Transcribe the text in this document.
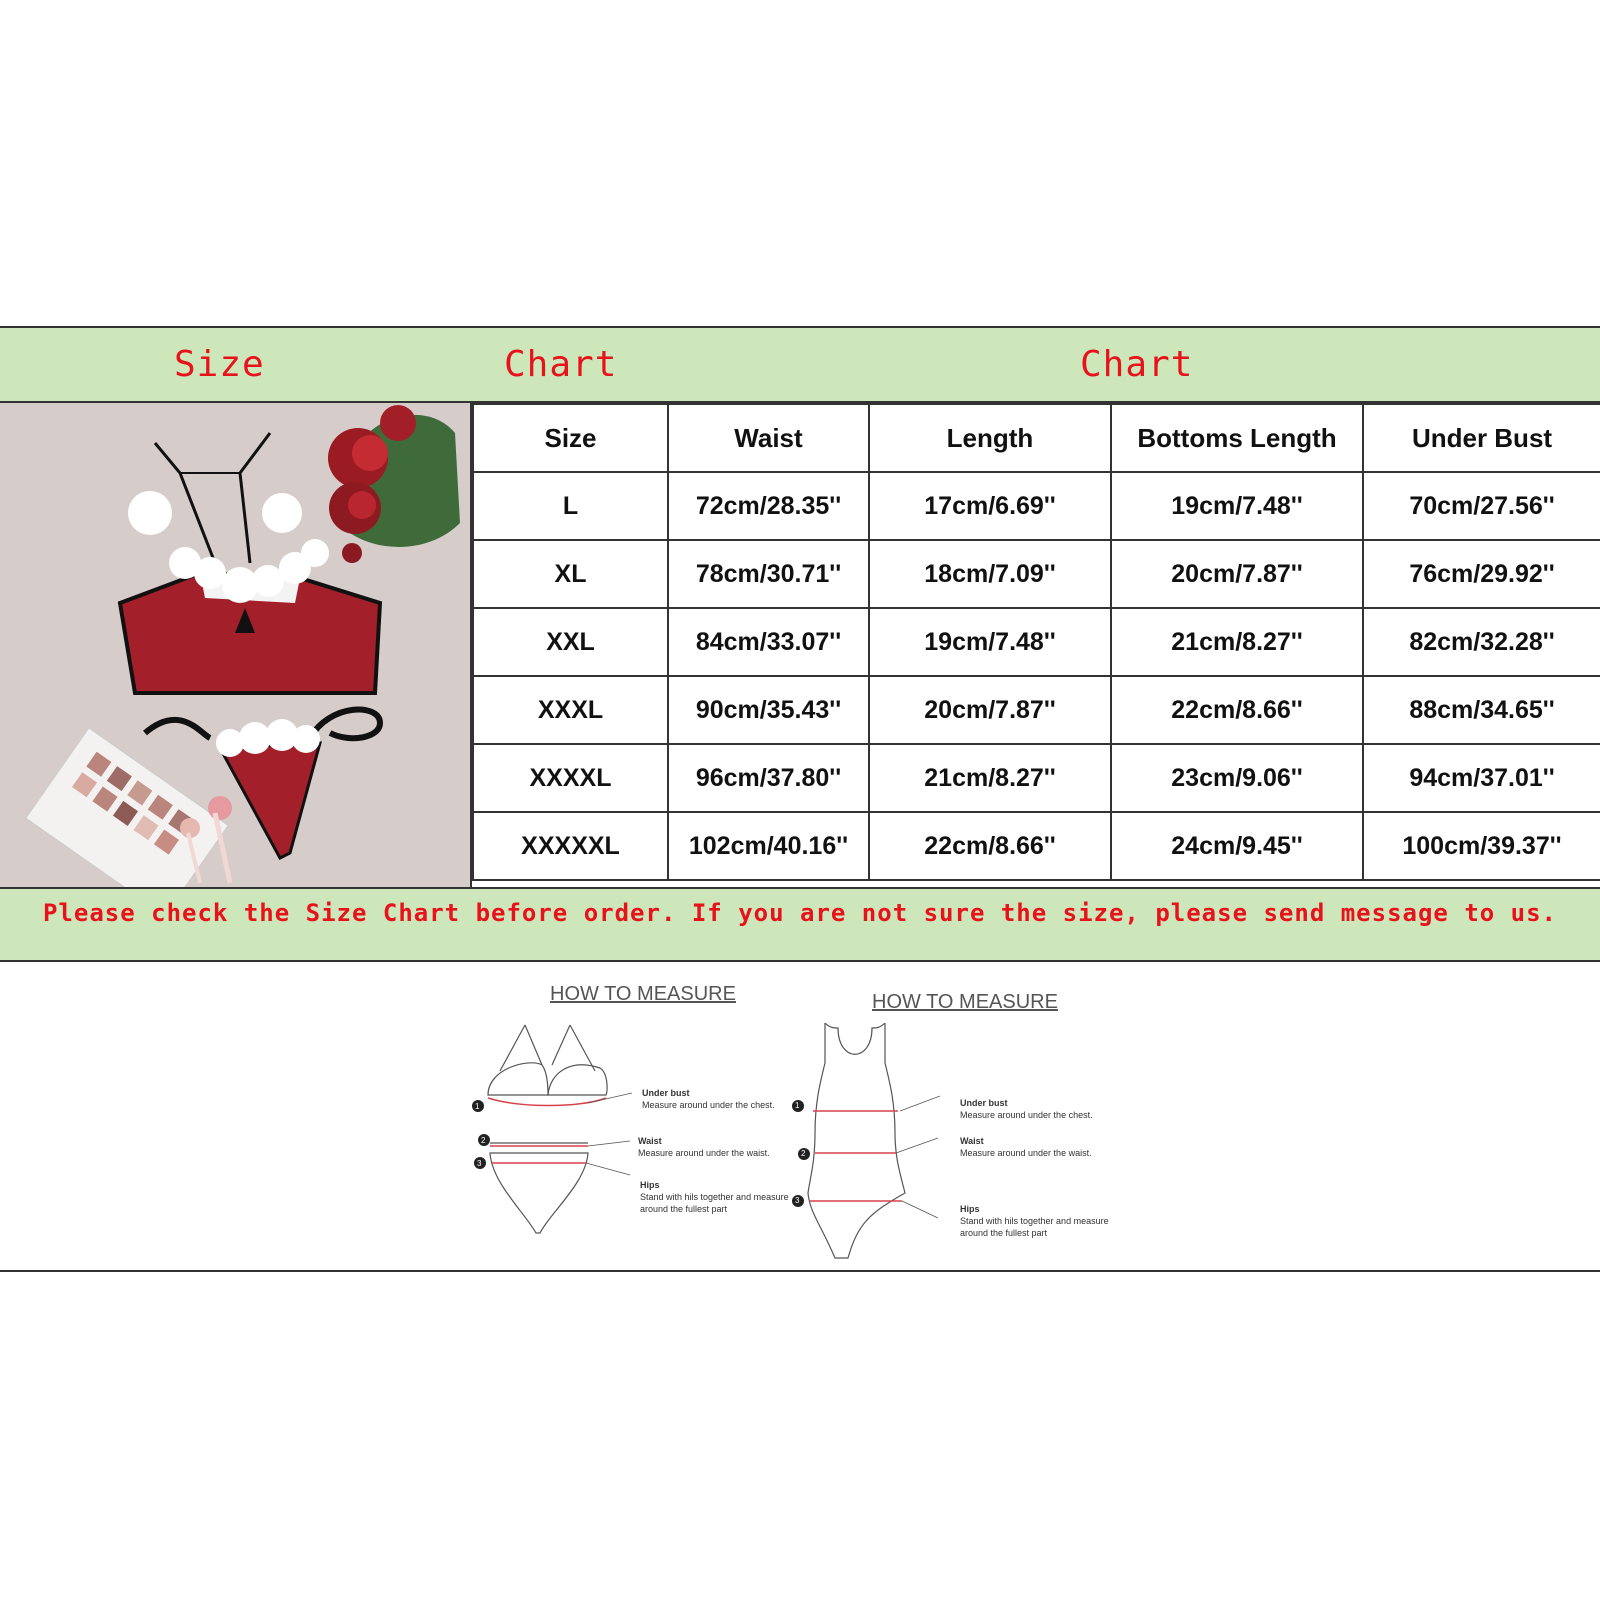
Size	Chart	Chart
Size	Waist	Length	Bottoms Length	Under Bust
L	72cm/28.35''	17cm/6.69''	19cm/7.48''	70cm/27.56''
XL	78cm/30.71''	18cm/7.09''	20cm/7.87''	76cm/29.92''
XXL	84cm/33.07''	19cm/7.48''	21cm/8.27''	82cm/32.28''
XXXL	90cm/35.43''	20cm/7.87''	22cm/8.66''	88cm/34.65''
XXXXL	96cm/37.80''	21cm/8.27''	23cm/9.06''	94cm/37.01''
XXXXXL	102cm/40.16''	22cm/8.66''	24cm/9.45''	100cm/39.37''
Please check the Size Chart before order. If you are not sure the size, please send message to us.
HOW TO MEASURE
1
2
3
Under bust
Measure around under the chest.
Waist
Measure around under the waist.
Hips
Stand with hils together and measure
around the fullest part
HOW TO MEASURE
1
2
3
Under bust
Measure around under the chest.
Waist
Measure around under the waist.
Hips
Stand with hils together and measure
around the fullest part
